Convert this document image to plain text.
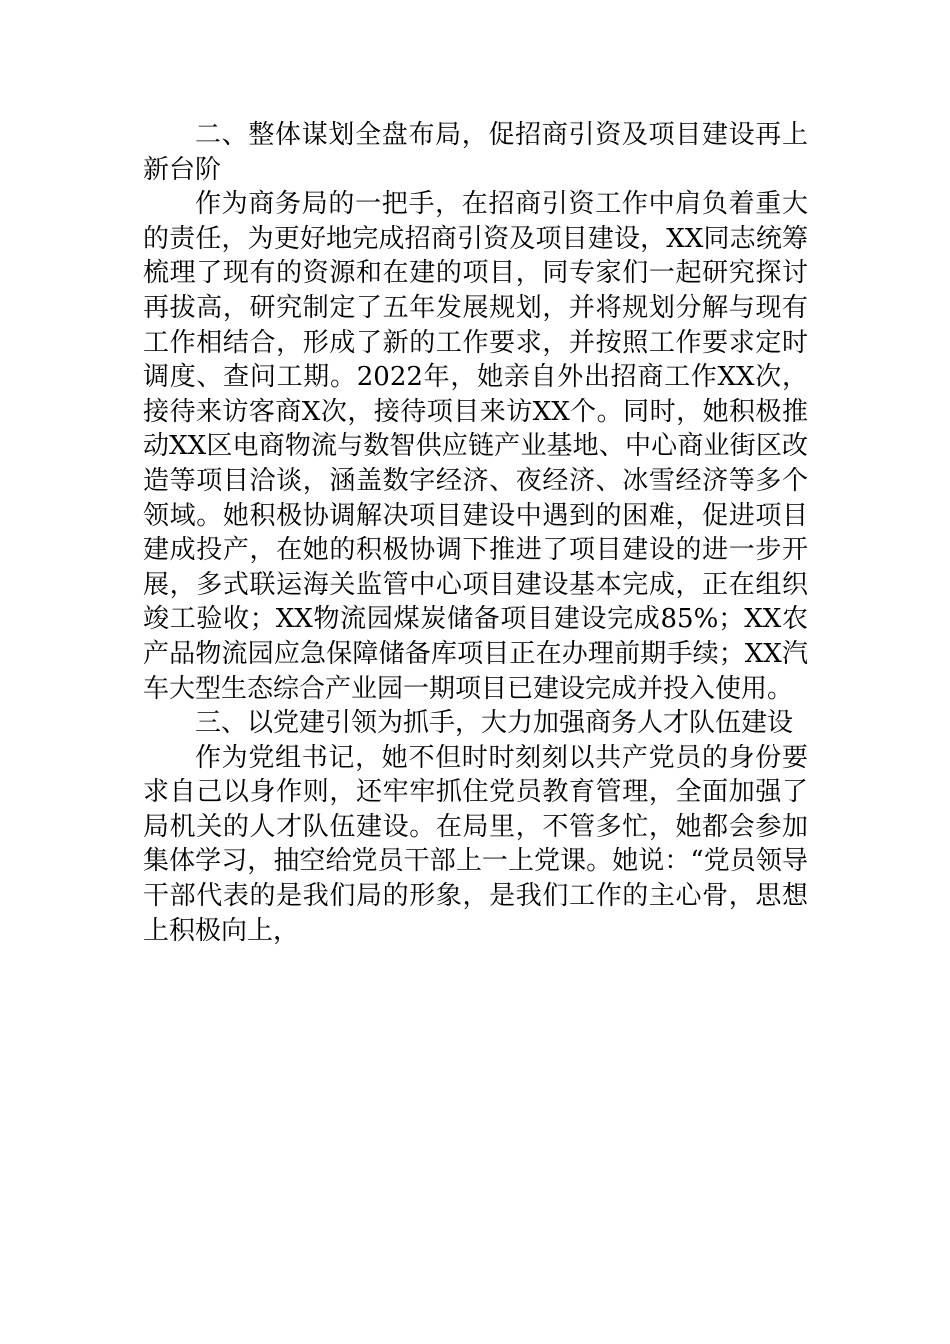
二、整体谋划全盘布局，促招商引资及项目建设再上新台阶

作为商务局的一把手，在招商引资工作中肩负着重大的责任，为更好地完成招商引资及项目建设，XX同志统筹梳理了现有的资源和在建的项目，同专家们一起研究探讨再拔高，研究制定了五年发展规划，并将规划分解与现有工作相结合，形成了新的工作要求，并按照工作要求定时调度、查问工期。2022年，她亲自外出招商工作XX次，接待来访客商X次，接待项目来访XX个。同时，她积极推动XX区电商物流与数智供应链产业基地、中心商业街区改造等项目洽谈，涵盖数字经济、夜经济、冰雪经济等多个领域。她积极协调解决项目建设中遇到的困难，促进项目建成投产，在她的积极协调下推进了项目建设的进一步开展，多式联运海关监管中心项目建设基本完成，正在组织竣工验收；XX物流园煤炭储备项目建设完成85%；XX农产品物流园应急保障储备库项目正在办理前期手续；XX汽车大型生态综合产业园一期项目已建设完成并投入使用。

三、以党建引领为抓手，大力加强商务人才队伍建设

作为党组书记，她不但时时刻刻以共产党员的身份要求自己以身作则，还牢牢抓住党员教育管理，全面加强了局机关的人才队伍建设。在局里，不管多忙，她都会参加集体学习，抽空给党员干部上一上党课。她说：“党员领导干部代表的是我们局的形象，是我们工作的主心骨，思想上积极向上，
